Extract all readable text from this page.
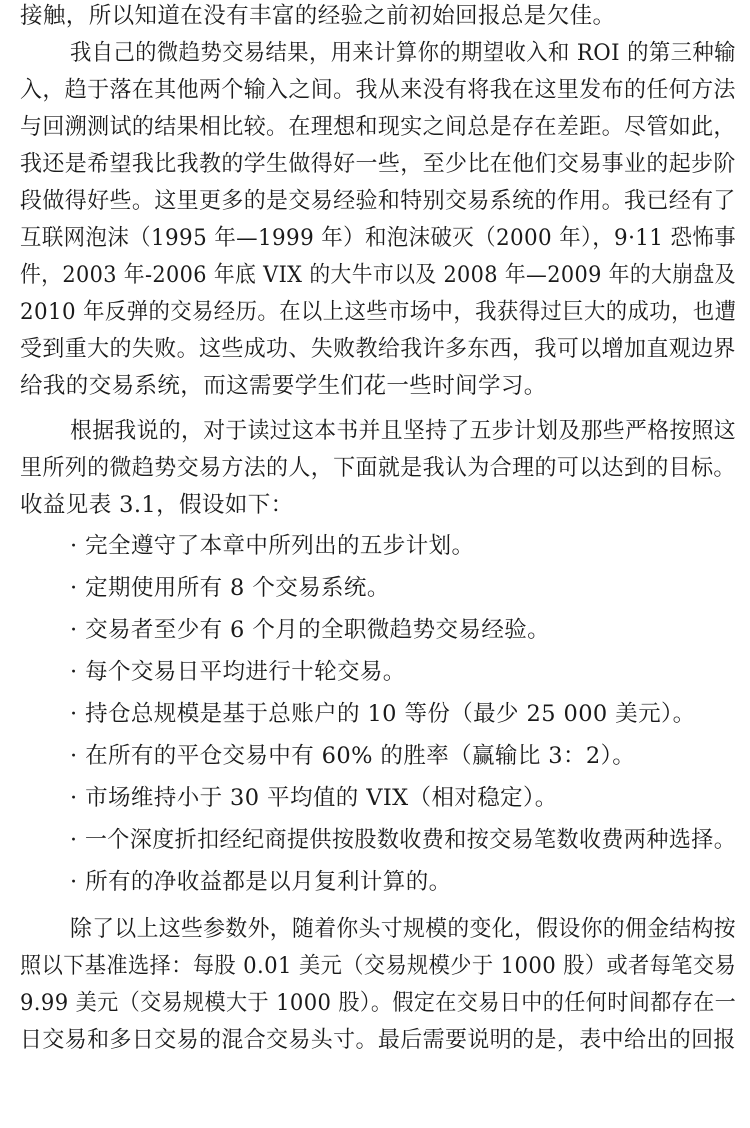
接触，所以知道在没有丰富的经验之前初始回报总是欠佳。
我自己的微趋势交易结果，用来计算你的期望收入和 ROI 的第三种输
入，趋于落在其他两个输入之间。我从来没有将我在这里发布的任何方法
与回溯测试的结果相比较。在理想和现实之间总是存在差距。尽管如此，
我还是希望我比我教的学生做得好一些，至少比在他们交易事业的起步阶
段做得好些。这里更多的是交易经验和特别交易系统的作用。我已经有了
互联网泡沫（1995 年—1999 年）和泡沫破灭（2000 年），9·11 恐怖事
件，2003 年-2006 年底 VIX 的大牛市以及 2008 年—2009 年的大崩盘及
2010 年反弹的交易经历。在以上这些市场中，我获得过巨大的成功，也遭
受到重大的失败。这些成功、失败教给我许多东西，我可以增加直观边界
给我的交易系统，而这需要学生们花一些时间学习。
根据我说的，对于读过这本书并且坚持了五步计划及那些严格按照这
里所列的微趋势交易方法的人，下面就是我认为合理的可以达到的目标。
收益见表 3.1，假设如下：
· 完全遵守了本章中所列出的五步计划。
· 定期使用所有 8 个交易系统。
· 交易者至少有 6 个月的全职微趋势交易经验。
· 每个交易日平均进行十轮交易。
· 持仓总规模是基于总账户的 10 等份（最少 25 000 美元）。
· 在所有的平仓交易中有 60% 的胜率（赢输比 3：2）。
· 市场维持小于 30 平均值的 VIX（相对稳定）。
· 一个深度折扣经纪商提供按股数收费和按交易笔数收费两种选择。
· 所有的净收益都是以月复利计算的。
除了以上这些参数外，随着你头寸规模的变化，假设你的佣金结构按
照以下基准选择：每股 0.01 美元（交易规模少于 1000 股）或者每笔交易
9.99 美元（交易规模大于 1000 股）。假定在交易日中的任何时间都存在一
日交易和多日交易的混合交易头寸。最后需要说明的是，表中给出的回报
